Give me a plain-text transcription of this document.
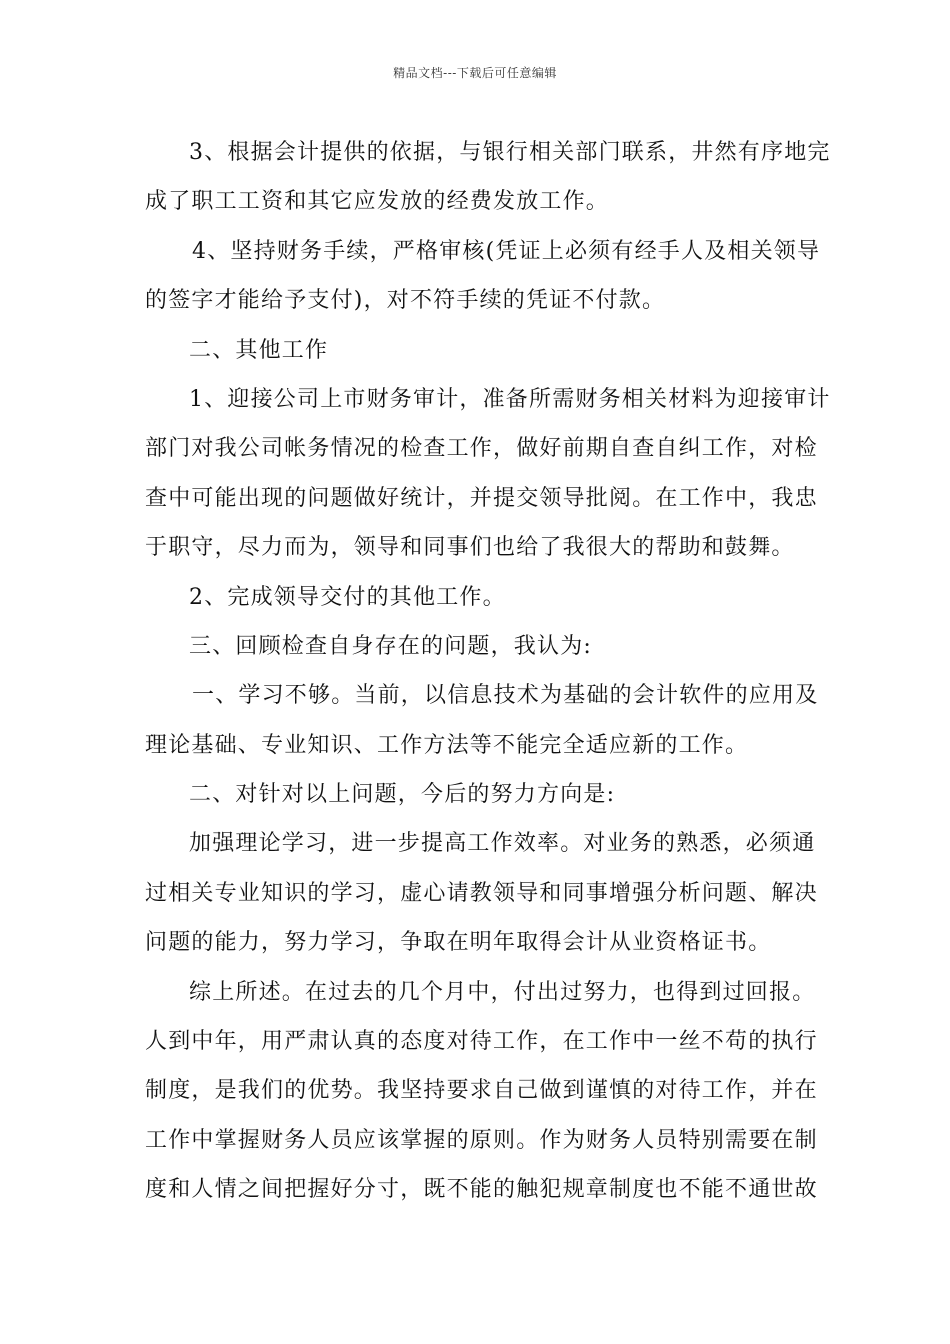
精品文档---下载后可任意编辑
3、根据会计提供的依据，与银行相关部门联系，井然有序地完
成了职工工资和其它应发放的经费发放工作。
4、坚持财务手续，严格审核(凭证上必须有经手人及相关领导
的签字才能给予支付)，对不符手续的凭证不付款。
二、其他工作
1、迎接公司上市财务审计，准备所需财务相关材料为迎接审计
部门对我公司帐务情况的检查工作，做好前期自查自纠工作，对检
查中可能出现的问题做好统计，并提交领导批阅。在工作中，我忠
于职守，尽力而为，领导和同事们也给了我很大的帮助和鼓舞。
2、完成领导交付的其他工作。
三、回顾检查自身存在的问题，我认为:
一、学习不够。当前，以信息技术为基础的会计软件的应用及
理论基础、专业知识、工作方法等不能完全适应新的工作。
二、对针对以上问题，今后的努力方向是:
加强理论学习，进一步提高工作效率。对业务的熟悉，必须通
过相关专业知识的学习，虚心请教领导和同事增强分析问题、解决
问题的能力，努力学习，争取在明年取得会计从业资格证书。
综上所述。在过去的几个月中，付出过努力，也得到过回报。
人到中年，用严肃认真的态度对待工作，在工作中一丝不苟的执行
制度，是我们的优势。我坚持要求自己做到谨慎的对待工作，并在
工作中掌握财务人员应该掌握的原则。作为财务人员特别需要在制
度和人情之间把握好分寸，既不能的触犯规章制度也不能不通世故
